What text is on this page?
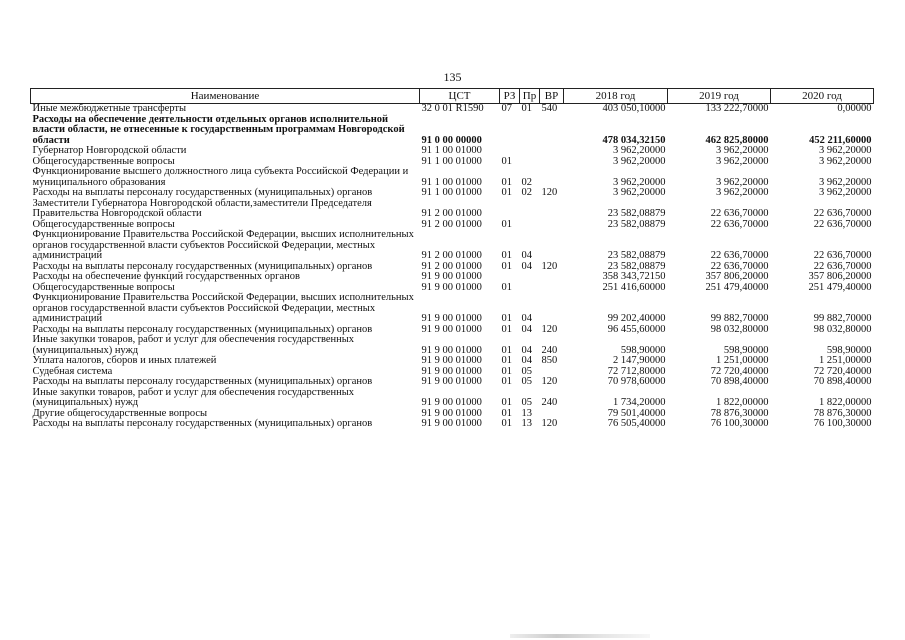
135
Наименование	ЦСТ	РЗ	Пр	ВР	2018 год	2019 год	2020 год
Иные межбюджетные трансферты	32 0 01 R1590	07	01	540	403 050,10000	133 222,70000	0,00000
Расходы на обеспечение деятельности отдельных органов исполнительной власти области, не отнесенные к государственным программам Новгородской области	91 0 00 00000				478 034,32150	462 825,80000	452 211,60000
Губернатор Новгородской области	91 1 00 01000				3 962,20000	3 962,20000	3 962,20000
Общегосударственные вопросы	91 1 00 01000	01			3 962,20000	3 962,20000	3 962,20000
Функционирование высшего должностного лица субъекта Российской Федерации и муниципального образования	91 1 00 01000	01	02		3 962,20000	3 962,20000	3 962,20000
Расходы на выплаты персоналу государственных (муниципальных) органов	91 1 00 01000	01	02	120	3 962,20000	3 962,20000	3 962,20000
Заместители Губернатора Новгородской области,заместители Председателя Правительства Новгородской области	91 2 00 01000				23 582,08879	22 636,70000	22 636,70000
Общегосударственные вопросы	91 2 00 01000	01			23 582,08879	22 636,70000	22 636,70000
Функционирование Правительства Российской Федерации, высших исполнительных органов государственной власти субъектов Российской Федерации, местных администраций	91 2 00 01000	01	04		23 582,08879	22 636,70000	22 636,70000
Расходы на выплаты персоналу государственных (муниципальных) органов	91 2 00 01000	01	04	120	23 582,08879	22 636,70000	22 636,70000
Расходы на обеспечение функций государственных органов	91 9 00 01000				358 343,72150	357 806,20000	357 806,20000
Общегосударственные вопросы	91 9 00 01000	01			251 416,60000	251 479,40000	251 479,40000
Функционирование Правительства Российской Федерации, высших исполнительных органов государственной власти субъектов Российской Федерации, местных администраций	91 9 00 01000	01	04		99 202,40000	99 882,70000	99 882,70000
Расходы на выплаты персоналу государственных (муниципальных) органов	91 9 00 01000	01	04	120	96 455,60000	98 032,80000	98 032,80000
Иные закупки товаров, работ и услуг для обеспечения государственных (муниципальных) нужд	91 9 00 01000	01	04	240	598,90000	598,90000	598,90000
Уплата налогов, сборов и иных платежей	91 9 00 01000	01	04	850	2 147,90000	1 251,00000	1 251,00000
Судебная система	91 9 00 01000	01	05		72 712,80000	72 720,40000	72 720,40000
Расходы на выплаты персоналу государственных (муниципальных) органов	91 9 00 01000	01	05	120	70 978,60000	70 898,40000	70 898,40000
Иные закупки товаров, работ и услуг для обеспечения государственных (муниципальных) нужд	91 9 00 01000	01	05	240	1 734,20000	1 822,00000	1 822,00000
Другие общегосударственные вопросы	91 9 00 01000	01	13		79 501,40000	78 876,30000	78 876,30000
Расходы на выплаты персоналу государственных (муниципальных) органов	91 9 00 01000	01	13	120	76 505,40000	76 100,30000	76 100,30000
